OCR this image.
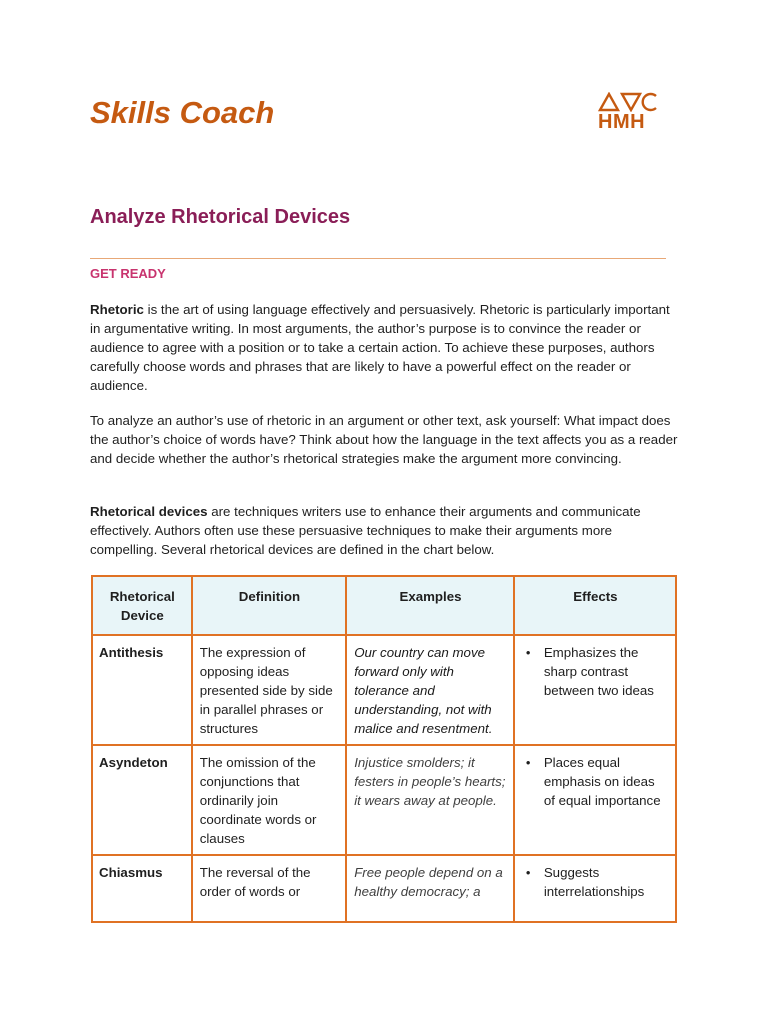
Skills Coach	HMH
Analyze Rhetorical Devices
GET READY

Rhetoric is the art of using language effectively and persuasively. Rhetoric is particularly important in argumentative writing. In most arguments, the author’s purpose is to convince the reader or audience to agree with a position or to take a certain action. To achieve these purposes, authors carefully choose words and phrases that are likely to have a powerful effect on the reader or audience.

To analyze an author’s use of rhetoric in an argument or other text, ask yourself: What impact does the author’s choice of words have? Think about how the language in the text affects you as a reader and decide whether the author’s rhetorical strategies make the argument more convincing.

Rhetorical devices are techniques writers use to enhance their arguments and communicate effectively. Authors often use these persuasive techniques to make their arguments more compelling. Several rhetorical devices are defined in the chart below.

Rhetorical Device	Definition	Examples	Effects
Antithesis	The expression of opposing ideas presented side by side in parallel phrases or structures	Our country can move forward only with tolerance and understanding, not with malice and resentment.	• Emphasizes the sharp contrast between two ideas

Asyndeton	The omission of the conjunctions that ordinarily join coordinate words or clauses	Injustice smolders; it festers in people’s hearts; it wears away at people.	• Places equal emphasis on ideas of equal importance

Chiasmus	The reversal of the order of words or	Free people depend on a healthy democracy; a	• Suggests interrelationships
